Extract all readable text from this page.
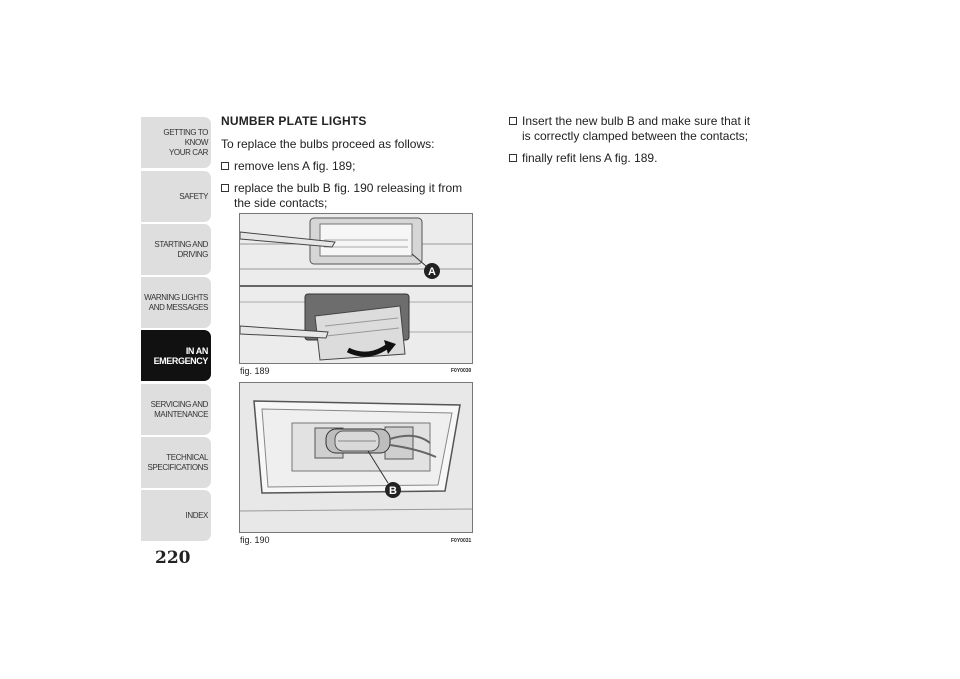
GETTING TO KNOW
YOUR CAR
SAFETY
STARTING AND
DRIVING
WARNING LIGHTS
AND MESSAGES
IN AN
EMERGENCY
SERVICING AND
MAINTENANCE
TECHNICAL
SPECIFICATIONS
INDEX
220
NUMBER PLATE LIGHTS
To replace the bulbs proceed as follows:
remove lens A fig. 189;
replace the bulb B fig. 190 releasing it from the side contacts;
Insert the new bulb B and make sure that it is correctly clamped between the contacts;
finally refit lens A fig. 189.
A
fig. 189	F0Y0030
B
fig. 190	F0Y0031
